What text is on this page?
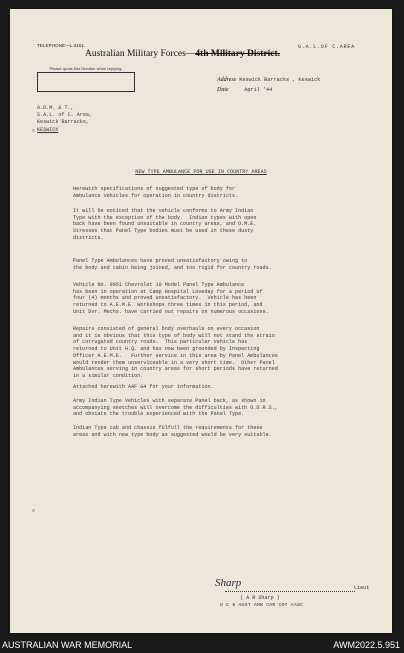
TELEPHONE—L.4101.	G.A.L.OF C.AREA
Australian Military Forces—4th Military District.
Please quote this Number when replying.
Address Keswick Barracks , Keswick
Date	April '44
A.D.M. & T.,
S.A.L. of C. Area,
Keswick Barracks,
KESWICK
NEW TYPE AMBULANCE FOR USE IN COUNTRY AREAS
Herewith specifications of suggested type of body for
Ambulance Vehicles for operation in country districts.
It will be noticed that the vehicle conforms to Army Indian
Type with the exception of the body.  Indian types with open
back have been found unsuitable in country areas, and O.M.E.
Stresses that Panel Type bodies must be used in these dusty
districts.
Panel Type Ambulances have proved unsatisfactory owing to
the body and cabin being joined, and too rigid for country roads.
Vehicle No. 9951 Chevrolet 19 Model Panel Type Ambulance
has been in operation at Camp Hospital Loveday for a period of
four (4) months and proved unsatisfactory.  Vehicle has been
returned to A.E.M.E. Workshops three times in this period, and
Unit Dvr. Mechs. have carried out repairs on numerous occasions.
Repairs consisted of general body overhauls on every occasion
and it is obvious that this type of body will not stand the strain
of corrugated country roads.  This particular vehicle has
returned to Unit H.Q. and has now been grounded by Inspecting
Officer A.E.M.E.   Further service in this area by Panel Ambulances
would render them unserviceable in a very short time.  Other Panel
Ambulances serving in country areas for short periods have returned
in a similar condition.
Attached herewith AAF G4 for your information.
Army Indian Type Vehicles with separate Panel back, as shown in
accompanying sketches will overcome the difficulties with O.D.R.S.,
and obviate the trouble experienced with the Panel Type.
Indian Type cab and chassis fulfull the requirements for these
areas and with new type body as suggested would be very suitable.
Sharp	Lieut
( A R Sharp )
O C 8 AUST AMB CAR COY AASC
AUSTRALIAN WAR MEMORIAL	AWM2022.5.951
